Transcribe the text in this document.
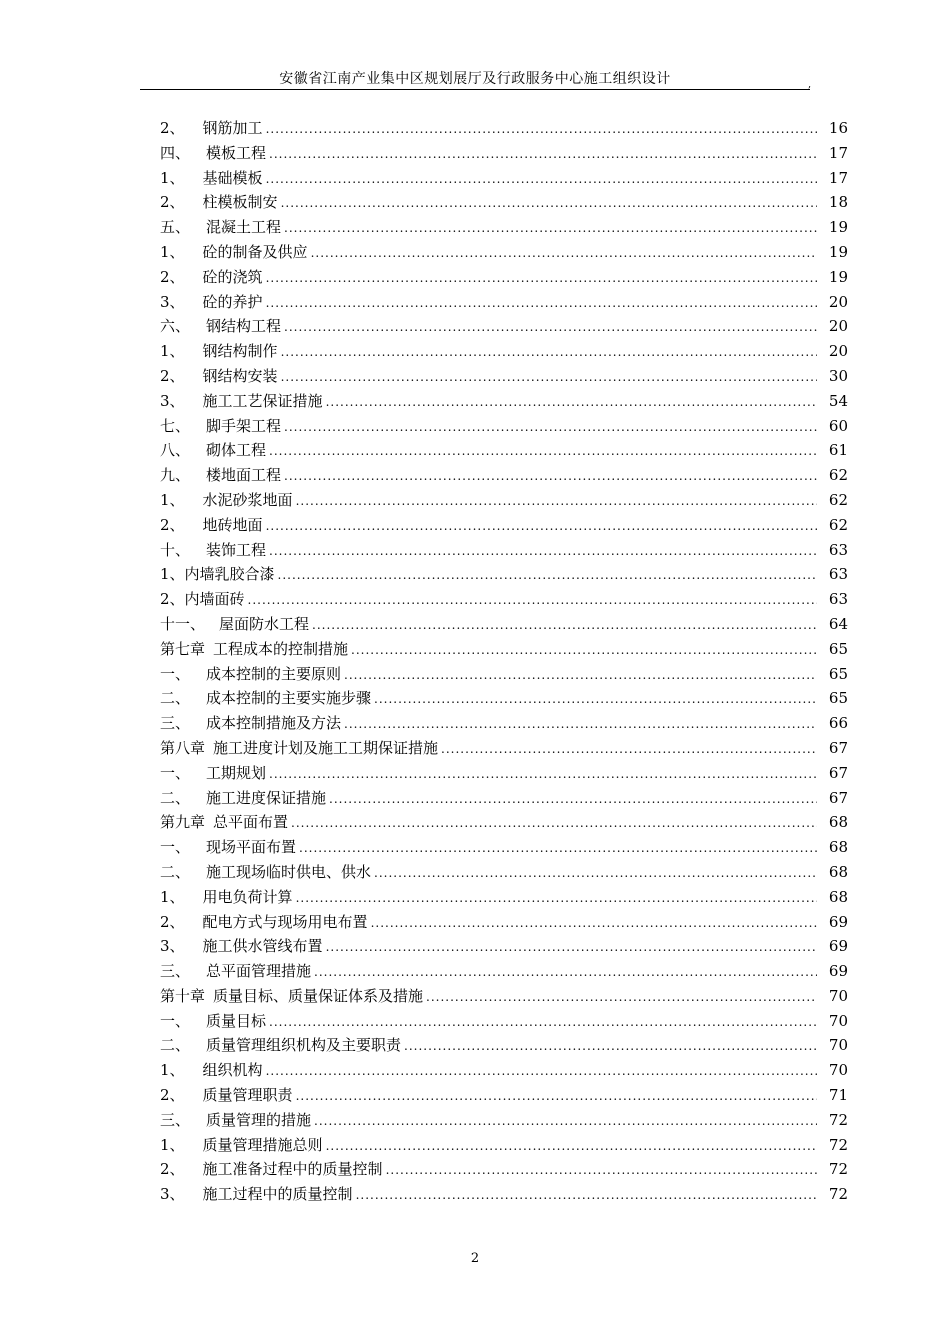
安徽省江南产业集中区规划展厅及行政服务中心施工组织设计	,
2、 钢筋加工 .....	16
四、 模板工程 .....	17
1、 基础模板 .....	17
2、 柱模板制安 .....	18
五、 混凝土工程 .....	19
1、 砼的制备及供应 .....	19
2、 砼的浇筑 .....	19
3、 砼的养护 .....	20
六、 钢结构工程 .....	20
1、 钢结构制作 .....	20
2、 钢结构安装 .....	30
3、 施工工艺保证措施 .....	54
七、 脚手架工程 .....	60
八、 砌体工程 .....	61
九、 楼地面工程 .....	62
1、 水泥砂浆地面 .....	62
2、 地砖地面 .....	62
十、 装饰工程 .....	63
1、内墙乳胶合漆 .....	63
2、内墙面砖 .....	63
十一、 屋面防水工程 .....	64
第七章 工程成本的控制措施 .....	65
一、 成本控制的主要原则 .....	65
二、 成本控制的主要实施步骤 .....	65
三、 成本控制措施及方法 .....	66
第八章 施工进度计划及施工工期保证措施 .....	67
一、 工期规划 .....	67
二、 施工进度保证措施 .....	67
第九章 总平面布置 .....	68
一、 现场平面布置 .....	68
二、 施工现场临时供电、供水 .....	68
1、 用电负荷计算 .....	68
2、 配电方式与现场用电布置 .....	69
3、 施工供水管线布置 .....	69
三、 总平面管理措施 .....	69
第十章 质量目标、质量保证体系及措施 .....	70
一、 质量目标 .....	70
二、 质量管理组织机构及主要职责 .....	70
1、 组织机构 .....	70
2、 质量管理职责 .....	71
三、 质量管理的措施 .....	72
1、 质量管理措施总则 .....	72
2、 施工准备过程中的质量控制 .....	72
3、 施工过程中的质量控制 .....	72
2
